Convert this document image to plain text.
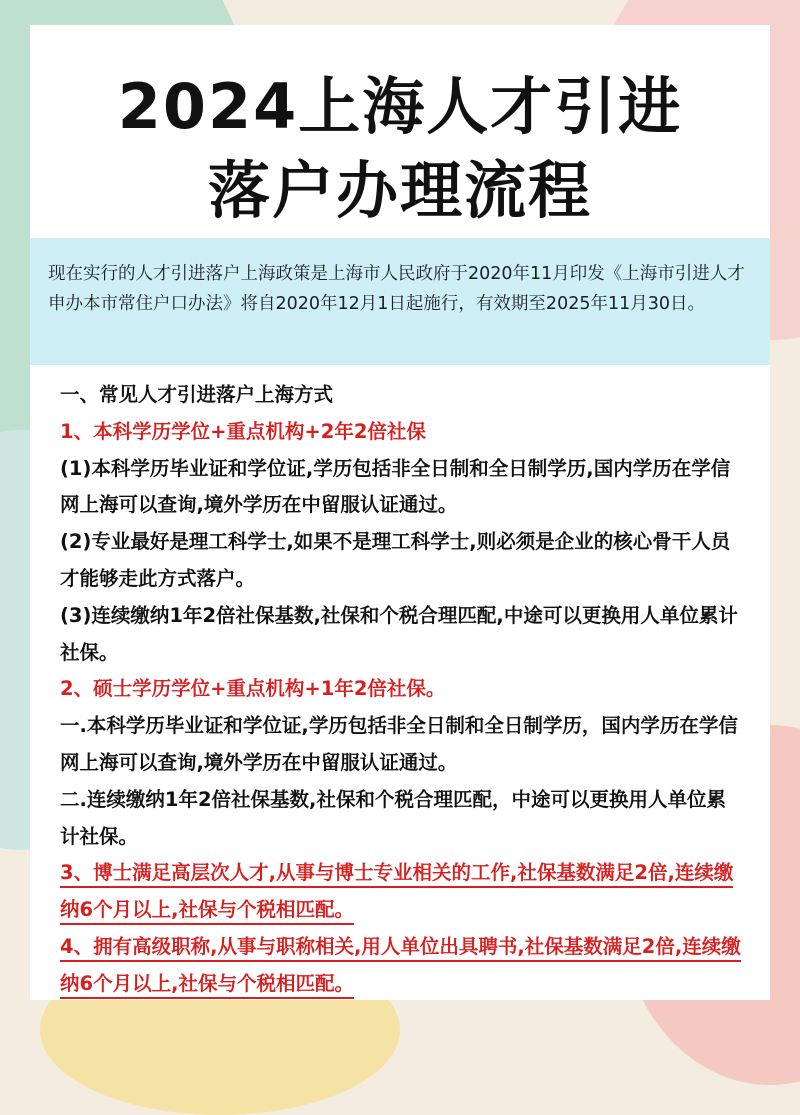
2024上海人才引进
落户办理流程

现在实行的人才引进落户上海政策是上海市人民政府于2020年11月印发《上海市引进人才申办本市常住户口办法》将自2020年12月1日起施行，有效期至2025年11月30日。

一、常见人才引进落户上海方式

1、本科学历学位+重点机构+2年2倍社保

(1)本科学历毕业证和学位证,学历包括非全日制和全日制学历,国内学历在学信网上海可以查询,境外学历在中留服认证通过。

(2)专业最好是理工科学士,如果不是理工科学士,则必须是企业的核心骨干人员才能够走此方式落户。

(3)连续缴纳1年2倍社保基数,社保和个税合理匹配,中途可以更换用人单位累计社保。

2、硕士学历学位+重点机构+1年2倍社保。

一.本科学历毕业证和学位证,学历包括非全日制和全日制学历，国内学历在学信网上海可以查询,境外学历在中留服认证通过。

二.连续缴纳1年2倍社保基数,社保和个税合理匹配，中途可以更换用人单位累计社保。

3、博士满足高层次人才,从事与博士专业相关的工作,社保基数满足2倍,连续缴纳6个月以上,社保与个税相匹配。

4、拥有高级职称,从事与职称相关,用人单位出具聘书,社保基数满足2倍,连续缴纳6个月以上,社保与个税相匹配。
